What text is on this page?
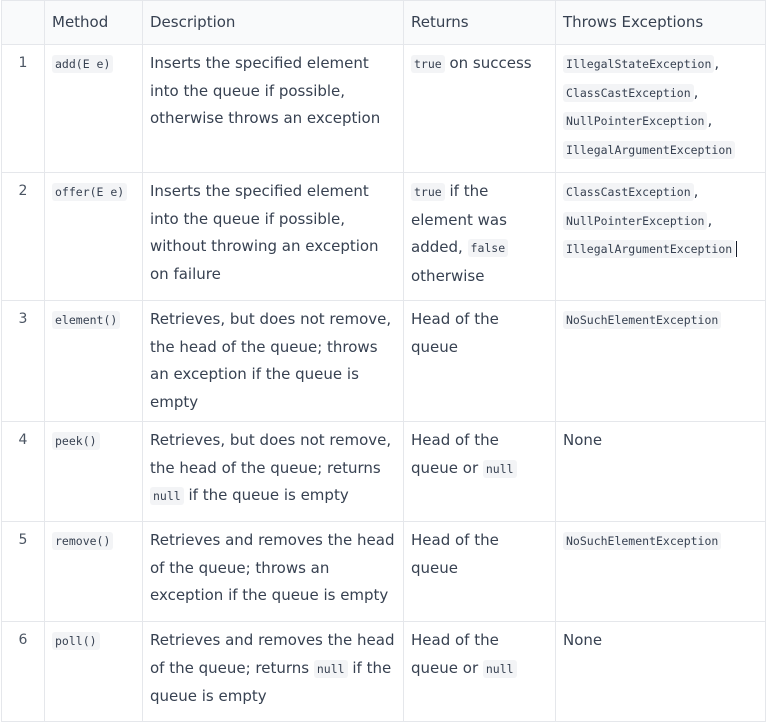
	Method	Description	Returns	Throws Exceptions
1	add(E e)	Inserts the specified element into the queue if possible, otherwise throws an exception	true on success	IllegalStateException ,
ClassCastException ,
NullPointerException ,
IllegalArgumentException
2	offer(E e)	Inserts the specified element into the queue if possible, without throwing an exception on failure	true if the element was added, false otherwise	ClassCastException ,
NullPointerException ,
IllegalArgumentException
3	element()	Retrieves, but does not remove, the head of the queue; throws an exception if the queue is empty	Head of the queue	NoSuchElementException
4	peek()	Retrieves, but does not remove, the head of the queue; returns null if the queue is empty	Head of the queue or null	None
5	remove()	Retrieves and removes the head of the queue; throws an exception if the queue is empty	Head of the queue	NoSuchElementException
6	poll()	Retrieves and removes the head of the queue; returns null if the queue is empty	Head of the queue or null	None
